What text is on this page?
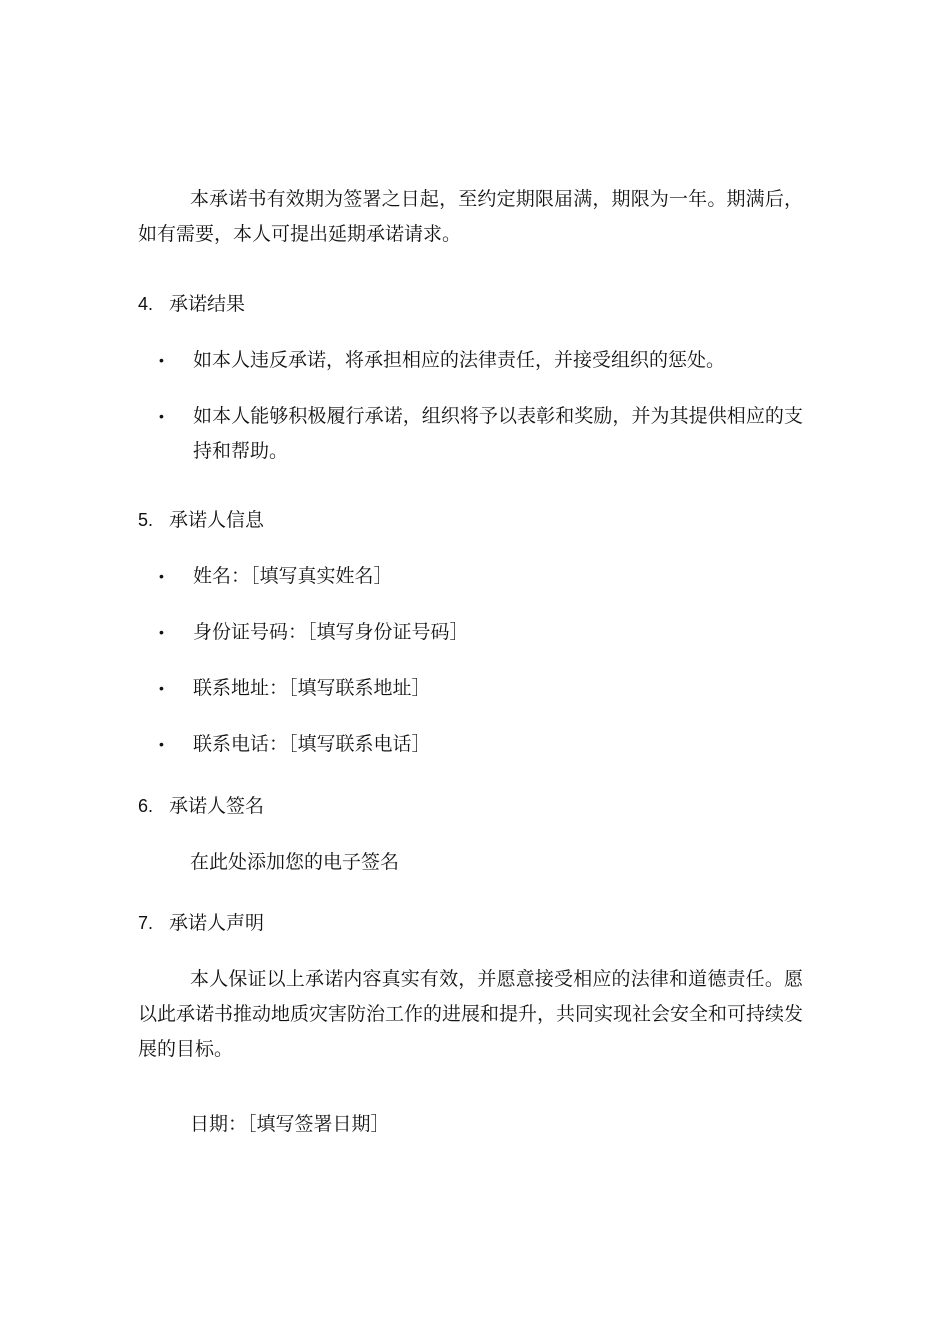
本承诺书有效期为签署之日起，至约定期限届满，期限为一年。期满后，如有需要，本人可提出延期承诺请求。
4. 承诺结果
•	如本人违反承诺，将承担相应的法律责任，并接受组织的惩处。
•	如本人能够积极履行承诺，组织将予以表彰和奖励，并为其提供相应的支持和帮助。
5. 承诺人信息
•	姓名：［填写真实姓名］
•	身份证号码：［填写身份证号码］
•	联系地址：［填写联系地址］
•	联系电话：［填写联系电话］
6. 承诺人签名
在此处添加您的电子签名
7. 承诺人声明
本人保证以上承诺内容真实有效，并愿意接受相应的法律和道德责任。愿以此承诺书推动地质灾害防治工作的进展和提升，共同实现社会安全和可持续发展的目标。
日期：［填写签署日期］
